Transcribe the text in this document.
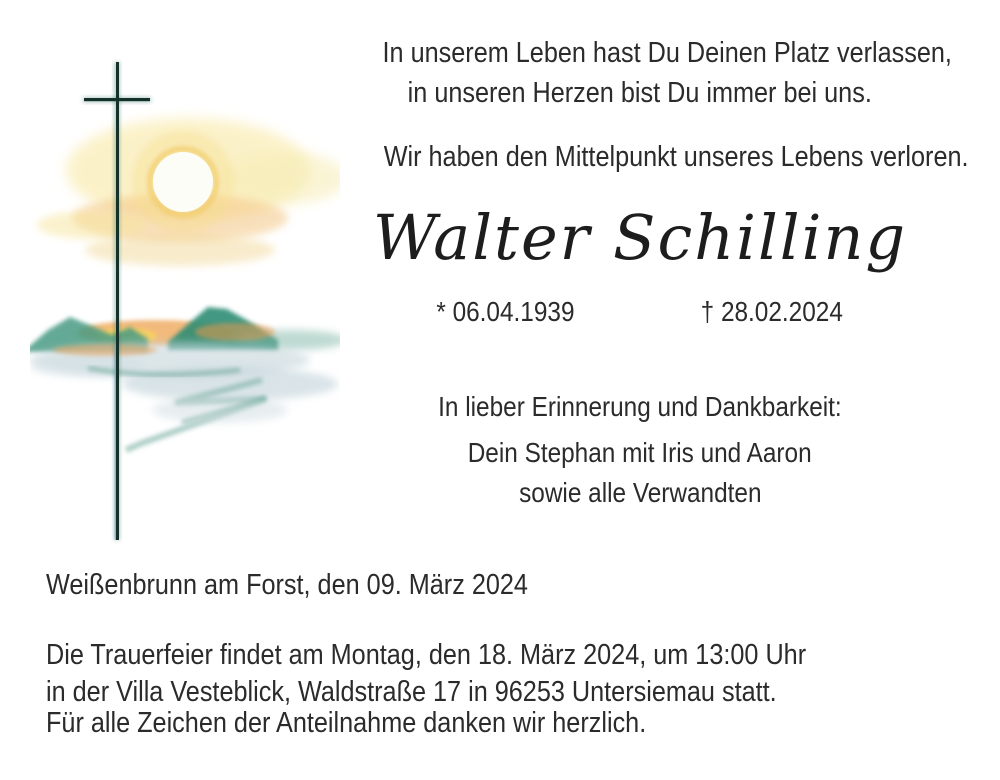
In unserem Leben hast Du Deinen Platz verlassen,
in unseren Herzen bist Du immer bei uns.
Wir haben den Mittelpunkt unseres Lebens verloren.
Walter Schilling
* 06.04.1939	† 28.02.2024
In lieber Erinnerung und Dankbarkeit:
Dein Stephan mit Iris und Aaron
sowie alle Verwandten
Weißenbrunn am Forst, den 09. März 2024
Die Trauerfeier findet am Montag, den 18. März 2024, um 13:00 Uhr
in der Villa Vesteblick, Waldstraße 17 in 96253 Untersiemau statt.
Für alle Zeichen der Anteilnahme danken wir herzlich.
